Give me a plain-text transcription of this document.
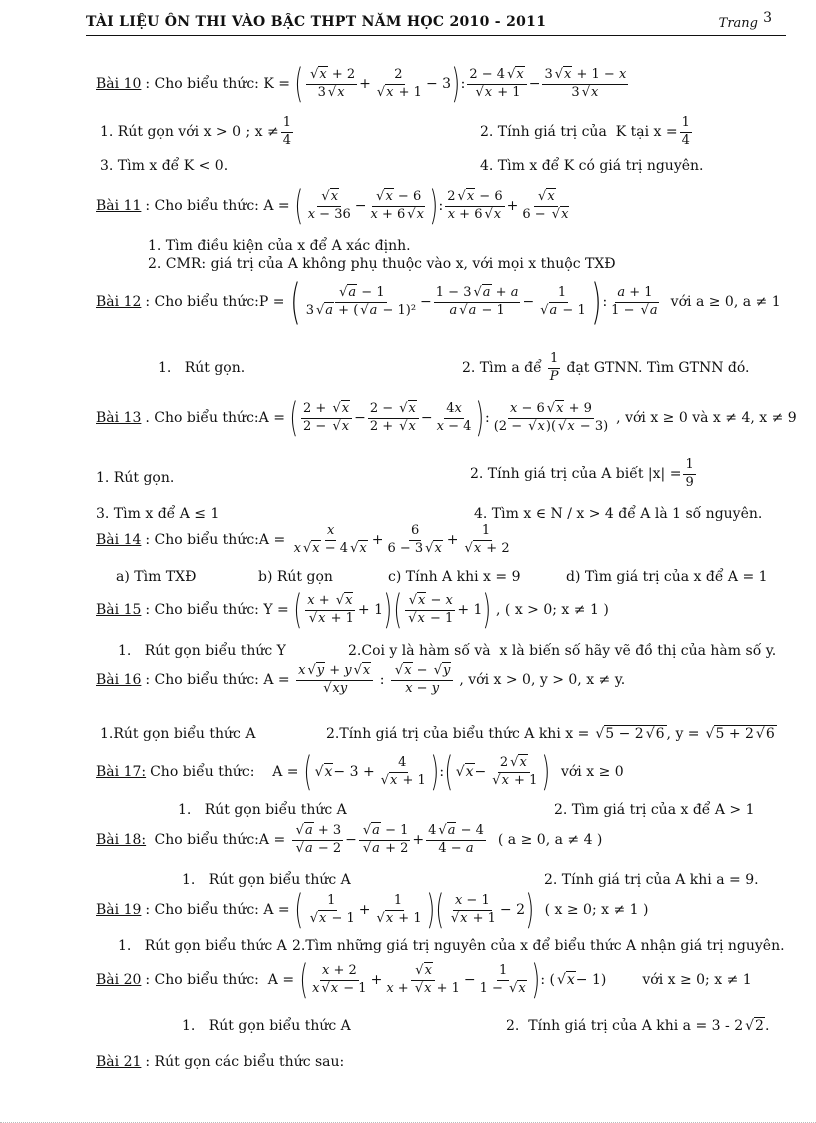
TÀI LIỆU ÔN THI VÀO BẬC THPT NĂM HỌC 2010 - 2011	Trang 3
Bài 10 : Cho biểu thức: K = ( √ $\frac{x + 2}{3 √ x} + 2$
√ x + 1 − 3 ) : 2 − 4 √ x
√ $x + 1 - \frac{3 √ x + 1 - x}{3 √ x}$
1. Rút gọn với x > 0 ; $x \ne \frac{1}{4}$	2. Tính giá trị của  K tại $x = \frac{1}{4}$
3. Tìm x để K < 0.	4. Tìm x để K có giá trị nguyên.
Bài 11 : Cho biểu thức: A = ( √ $\frac{x}{x - 36}$ − √ $\frac{x - 6}{x + 6 √ x}$ ) : $\frac{2 √ x - 6}{x + 6 √ x}$ + √ $\frac{x}{6 - √ x}$
1. Tìm điều kiện của x để A xác định.
2. CMR: giá trị của A không phụ thuộc vào x, với mọi x thuộc TXĐ
Bài 12 : Cho biểu thức:P = ( √ $\frac{a - 1}{\text{3 √ a + ( √ a − 1)²}} - \frac{1 - 3 √ a + a}{a √ a - 1} - 1$
√ a − 1 ) : $\frac{a + 1}{1 - √ a}$ với a ≥ 0, a ≠ 1
1.   Rút gọn.	2. Tìm a để $\frac{1}{P}$ đạt GTNN. Tìm GTNN đó.
Bài 13 . Cho biểu thức:A = ( $\frac{2 + √ x}{2 - √ x} - \frac{2 - √ x}{2 + √ x} - \frac{4x}{x - 4}$ ) : $\frac{x - 6 √ x + 9}{(2 - √ x)( √ x - 3)}$ , với x ≥ 0 và x ≠ 4, x ≠ 9
1. Rút gọn.	2. Tính giá trị của A biết $|x| = \frac{1}{9}$
3. Tìm x để A ≤ 1	4. Tìm x ∈ N / x > 4 để A là 1 số nguyên.
Bài 14 : Cho biểu thức:A = $\frac{x}{x √ x - 4 √ x} + \frac{6}{6 - 3 √ x} + 1$
√ x + 2
a) Tìm TXĐ	b) Rút gọn	c) Tính A khi x = 9	d) Tìm giá trị của x để A = 1
Bài 15 : Cho biểu thức: Y = ( x + √ x
√ x + 1 + 1 ) ( √ x − x
√ x − 1 + 1 ) , ( x > 0; x ≠ 1 )
1.   Rút gọn biểu thức Y	2.Coi y là hàm số và  x là biến số hãy vẽ đồ thị của hàm số y.
Bài 16 : Cho biểu thức: A = x √ y + y √ x
√ xy : √ $\frac{x - √ y}{x - y}$ , với x > 0, y > 0, x ≠ y.
1.Rút gọn biểu thức A	2.Tính giá trị của biểu thức A khi x =	√ 5 − 2 √ 6 , y =	√ 5 + 2 √ 6
Bài 17: Cho biểu thức:    A = ( √ x − 3 + 4
√ x + 1 ) : ( √ x − 2 √ x
√ x + 1 ) với x ≥ 0
1.   Rút gọn biểu thức A	2. Tìm giá trị của x để A > 1
Bài 18: Cho biểu thức:A = √ a + 3
√ a − 2 − √ a − 1
√ $a + 2 + \frac{4 √ a - 4}{4 - a}$ ( a ≥ 0, a ≠ 4 )
1.   Rút gọn biểu thức A	2. Tính giá trị của A khi a = 9.
Bài 19 : Cho biểu thức: A = ( 1
√ x − 1 + 1
√ x + 1 ) ( x − 1
√ x + 1 − 2 ) ( x ≥ 0; x ≠ 1 )
1.   Rút gọn biểu thức A 2.Tìm những giá trị nguyên của x để biểu thức A nhận giá trị nguyên.
Bài 20 : Cho biểu thức:  A = ( $\frac{x + 2}{x √ x - 1}$ + √ $\frac{x}{x + √ x + 1} - \frac{1}{1 - √ x}$ ) : ( √ x − 1)	với x ≥ 0; x ≠ 1
1.   Rút gọn biểu thức A	2.  Tính giá trị của A khi a = 3 - 2 √ 2 .
Bài 21 : Rút gọn các biểu thức sau:
